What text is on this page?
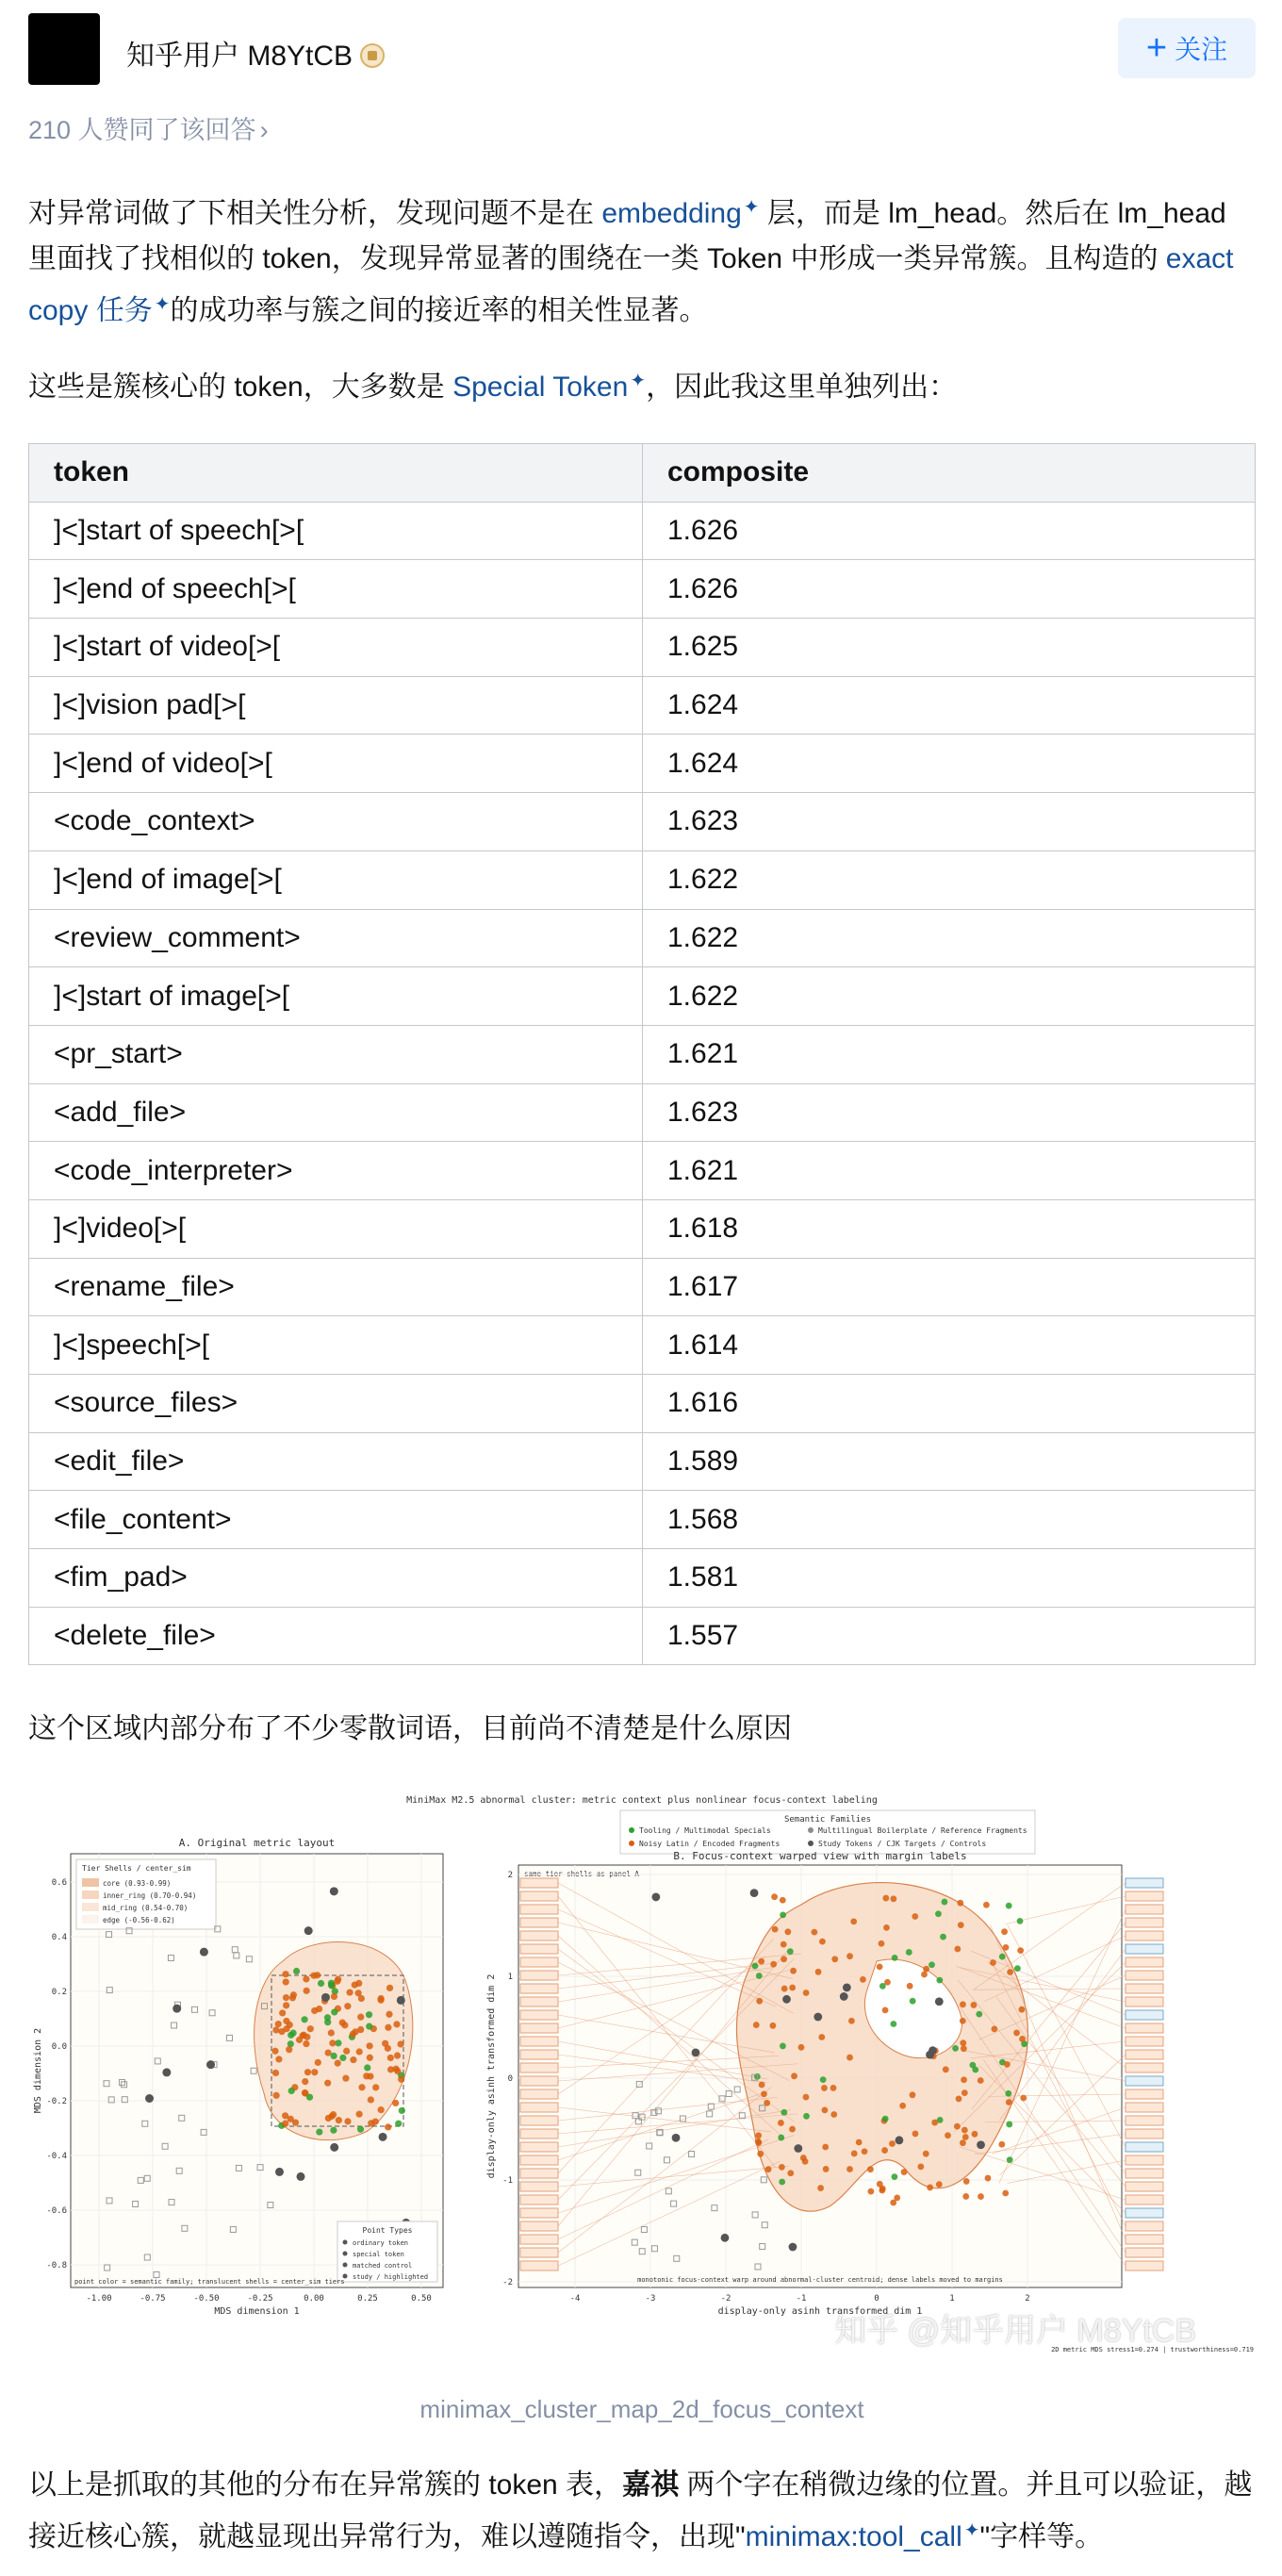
知乎用户 M8YtCB	+ 关注
210 人赞同了该回答 ›

对异常词做了下相关性分析，发现问题不是在 embedding ✦ 层，而是 lm_head。然后在 lm_head 里面找了找相似的 token，发现异常显著的围绕在一类 Token 中形成一类异常簇。且构造的 exact copy 任务 ✦的成功率与簇之间的接近率的相关性显著。

这些是簇核心的 token，大多数是 Special Token ✦，因此我这里单独列出：

token	composite
]<]start of speech[>[	1.626
]<]end of speech[>[	1.626
]<]start of video[>[	1.625
]<]vision pad[>[	1.624
]<]end of video[>[	1.624
<code_context>	1.623
]<]end of image[>[	1.622
<review_comment>	1.622
]<]start of image[>[	1.622
<pr_start>	1.621
<add_file>	1.623
<code_interpreter>	1.621
]<]video[>[	1.618
<rename_file>	1.617
]<]speech[>[	1.614
<source_files>	1.616
<edit_file>	1.589
<file_content>	1.568
<fim_pad>	1.581
<delete_file>	1.557

这个区域内部分布了不少零散词语，目前尚不清楚是什么原因

MiniMax M2.5 abnormal cluster: metric context plus nonlinear focus-context labeling
Semantic Families
Tooling / Multimodal Specials	Multilingual Boilerplate / Reference Fragments
Noisy Latin / Encoded Fragments	Study Tokens / CJK Targets / Controls
A. Original metric layout
-1.00	-0.75	-0.50	-0.25	0.00	0.25	0.50
0.6
0.4
0.2
0.0
-0.2
-0.4
-0.6
-0.8
MDS dimension 1
MDS dimension 2
Tier Shells / center_sim
core (0.93-0.99)
inner_ring (0.70-0.94)
mid_ring (0.54-0.70)
edge (-0.56-0.62)
Point Types
ordinary token
special token
matched control
study / highlighted
point color = semantic family; translucent shells = center_sim tiers
B. Focus-context warped view with margin labels
same tier shells as panel A
-4	-3	-2	-1	0	1	2
2
1
0
-1
-2
display-only asinh transformed dim 1
display-only asinh transformed dim 2
monotonic focus-context warp around abnormal-cluster centroid; dense labels moved to margins
2D metric MDS stress1=0.274 | trustworthiness=0.719
知乎 @知乎用户 M8YtCB
minimax_cluster_map_2d_focus_context

以上是抓取的其他的分布在异常簇的 token 表，嘉祺 两个字在稍微边缘的位置。并且可以验证，越接近核心簇，就越显现出异常行为，难以遵随指令，出现"minimax:tool_call ✦"字样等。
